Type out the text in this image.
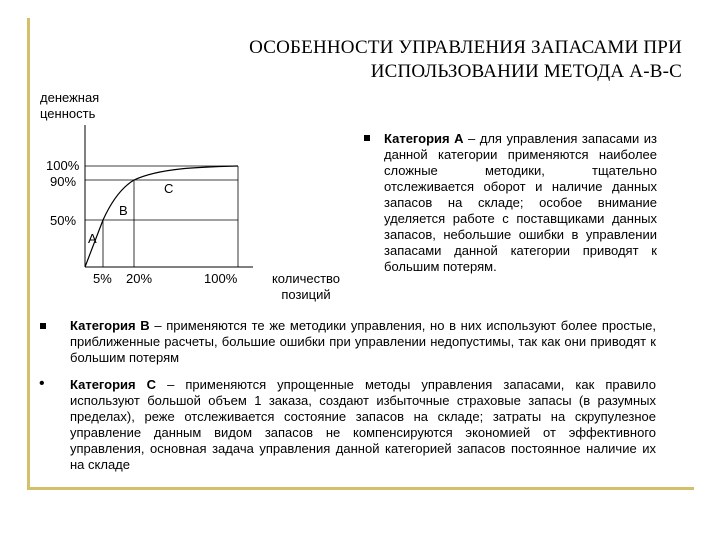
ОСОБЕННОСТИ УПРАВЛЕНИЯ ЗАПАСАМИ ПРИ
ИСПОЛЬЗОВАНИИ МЕТОДА А-В-С
денежная
ценность
100%
90%
50%
5% 20%	100%
A
B
C
количество
позиций
Категория А – для управления запасами из данной категории применяются наиболее сложные методики, тщательно отслеживается оборот и наличие данных запасов на складе; особое внимание уделяется работе с поставщиками данных запасов, небольшие ошибки в управлении запасами данной категории приводят к большим потерям.
Категория В – применяются те же методики управления, но в них используют более простые, приближенные расчеты, большие ошибки при управлении недопустимы, так как они приводят к большим потерям
• Категория С – применяются упрощенные методы управления запасами, как правило используют большой объем 1 заказа, создают избыточные страховые запасы (в разумных пределах), реже отслеживается состояние запасов на складе; затраты на скрупулезное управление данным видом запасов не компенсируются экономией от эффективного управления, основная задача управления данной категорией запасов постоянное наличие их на складе
